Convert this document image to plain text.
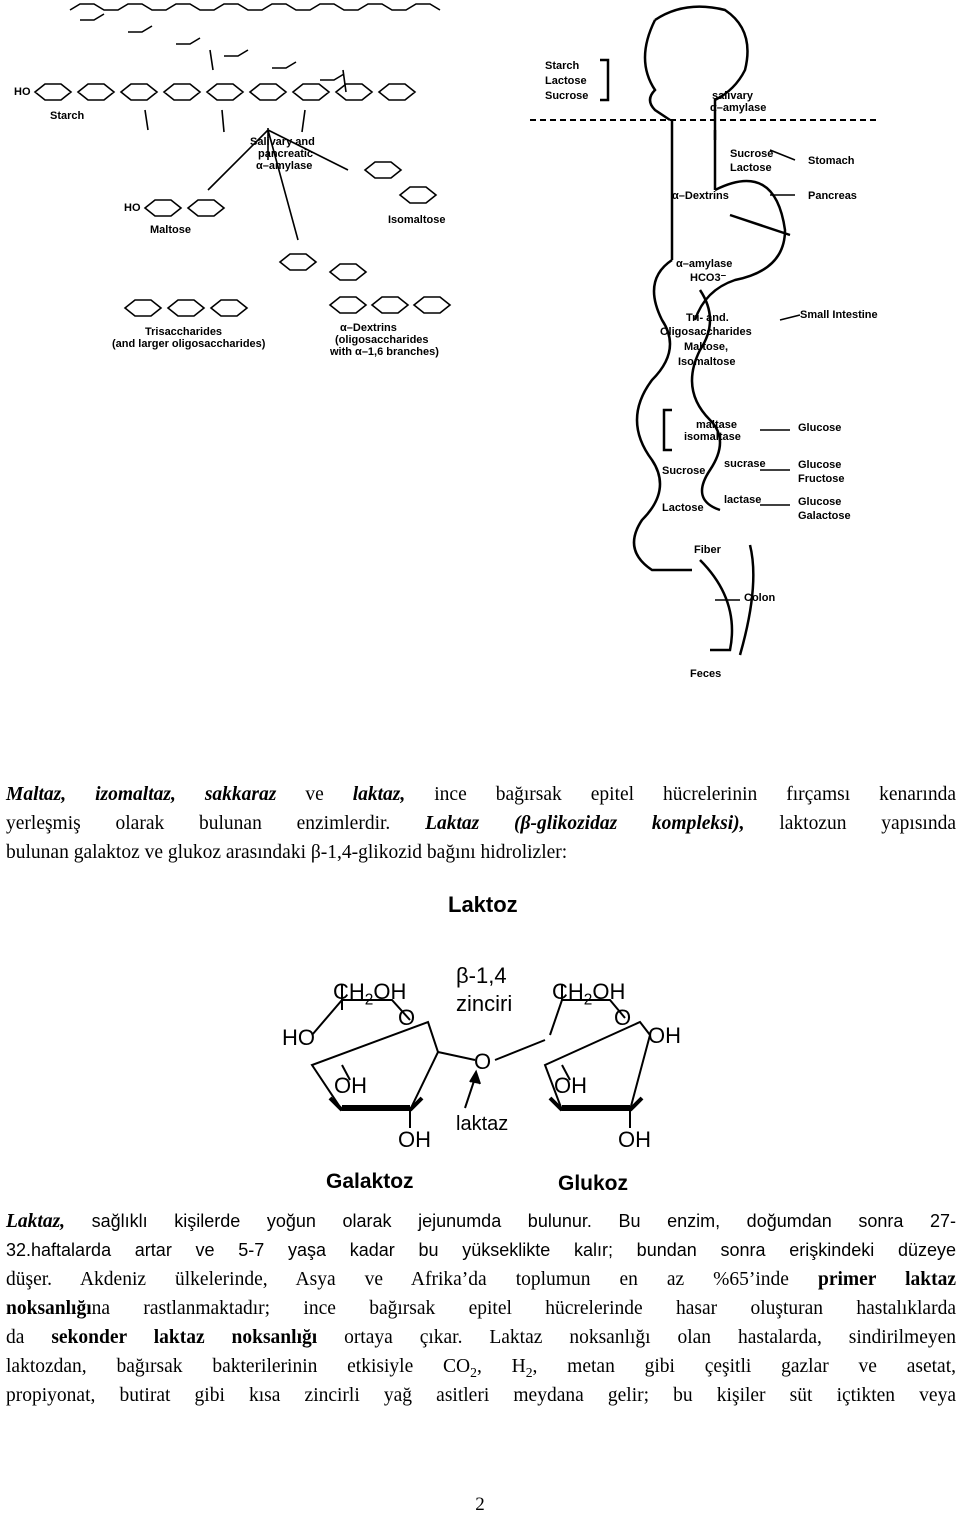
HO
Starch
Salivary and
pancreatic
α–amylase
HO
Maltose
Isomaltose
Trisaccharides
(and larger oligosaccharides)
α–Dextrins
(oligosaccharides
with α–1,6 branches)
Starch
Lactose
Sucrose	salivary
α–amylase
Sucrose
Lactose
Stomach
α–Dextrins	Pancreas
α–amylase
HCO3⁻
Tri- and.
Oligosaccharides
Maltose,
Isomaltose
Small Intestine
maltase
isomaltase
Glucose
Sucrose
sucrase	Glucose
Fructose
Lactose
lactase	Glucose
Galactose
Fiber
Colon
Feces
Maltaz, izomaltaz, sakkaraz ve laktaz, ince bağırsak epitel hücrelerinin fırçamsı kenarında
yerleşmiş olarak bulunan enzimlerdir. Laktaz (β-glikozidaz kompleksi), laktozun yapısında
bulunan galaktoz ve glukoz arasındaki β-1,4-glikozid bağını hidrolizler:
Laktoz
$CH_2OH$
O
HO
OH
OH
β-1,4
zinciri
O
laktaz
$CH_2OH$
O
OH
OH
OH
Galaktoz	Glukoz
Laktaz, sağlıklı kişilerde yoğun olarak jejunumda bulunur. Bu enzim, doğumdan sonra 27-
32.haftalarda artar ve 5-7 yaşa kadar bu yükseklikte kalır; bundan sonra erişkindeki düzeye
düşer. Akdeniz ülkelerinde, Asya ve Afrika’da toplumun en az %65’inde primer laktaz
noksanlığına rastlanmaktadır; ince bağırsak epitel hücrelerinde hasar oluşturan hastalıklarda
da sekonder laktaz noksanlığı ortaya çıkar. Laktaz noksanlığı olan hastalarda, sindirilmeyen
laktozdan, bağırsak bakterilerinin etkisiyle $CO_2$, $H_2$, metan gibi çeşitli gazlar ve asetat,
propiyonat, butirat gibi kısa zincirli yağ asitleri meydana gelir; bu kişiler süt içtikten veya
2
